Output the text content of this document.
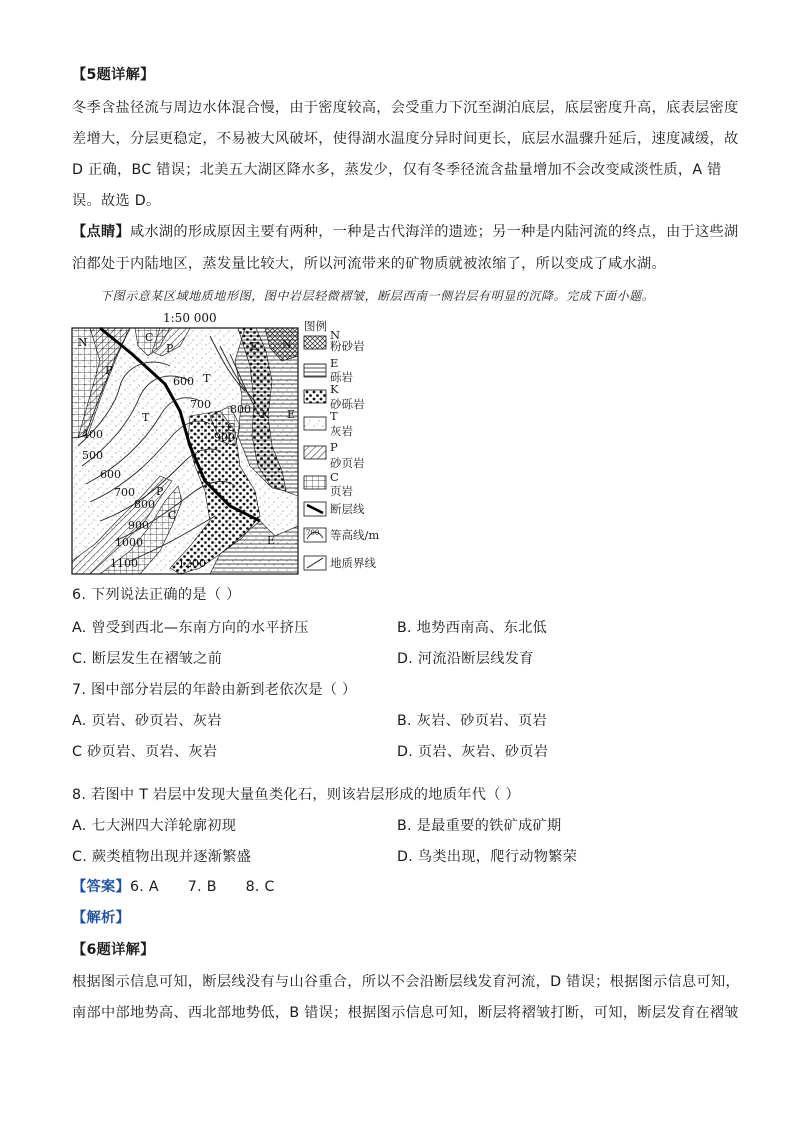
【5题详解】
冬季含盐径流与周边水体混合慢，由于密度较高，会受重力下沉至湖泊底层，底层密度升高，底表层密度
差增大，分层更稳定，不易被大风破坏，使得湖水温度分异时间更长，底层水温骤升延后，速度减缓，故
D 正确，BC 错误；北美五大湖区降水多，蒸发少，仅有冬季径流含盐量增加不会改变咸淡性质，A 错
误。故选 D。
【点睛】咸水湖的形成原因主要有两种，一种是古代海洋的遗迹；另一种是内陆河流的终点，由于这些湖
泊都处于内陆地区，蒸发量比较大，所以河流带来的矿物质就被浓缩了，所以变成了咸水湖。
下图示意某区域地质地形图，图中岩层轻微褶皱，断层西南一侧岩层有明显的沉降。完成下面小题。
1:50 000
N	C
P
P
T
T	E
N
K
E
C
P
C
E
600
700 800
900
400
500
600
700
800
900
1000
1100	1200
图例
N
粉砂岩
E
砾岩
K
砂砾岩
T
灰岩
P
砂页岩
C
页岩
断层线
700 等高线/m
地质界线
6. 下列说法正确的是（ ）
A. 曾受到西北—东南方向的水平挤压	B. 地势西南高、东北低
C. 断层发生在褶皱之前	D. 河流沿断层线发育
7. 图中部分岩层的年龄由新到老依次是（ ）
A. 页岩、砂页岩、灰岩	B. 灰岩、砂页岩、页岩
C 砂页岩、页岩、灰岩	D. 页岩、灰岩、砂页岩
8. 若图中 T 岩层中发现大量鱼类化石，则该岩层形成的地质年代（ ）
A. 七大洲四大洋轮廓初现	B. 是最重要的铁矿成矿期
C. 蕨类植物出现并逐渐繁盛	D. 鸟类出现，爬行动物繁荣
【答案】6. A      7. B      8. C
【解析】
【6题详解】
根据图示信息可知，断层线没有与山谷重合，所以不会沿断层线发育河流，D 错误；根据图示信息可知，
南部中部地势高、西北部地势低，B 错误；根据图示信息可知，断层将褶皱打断，可知，断层发育在褶皱
